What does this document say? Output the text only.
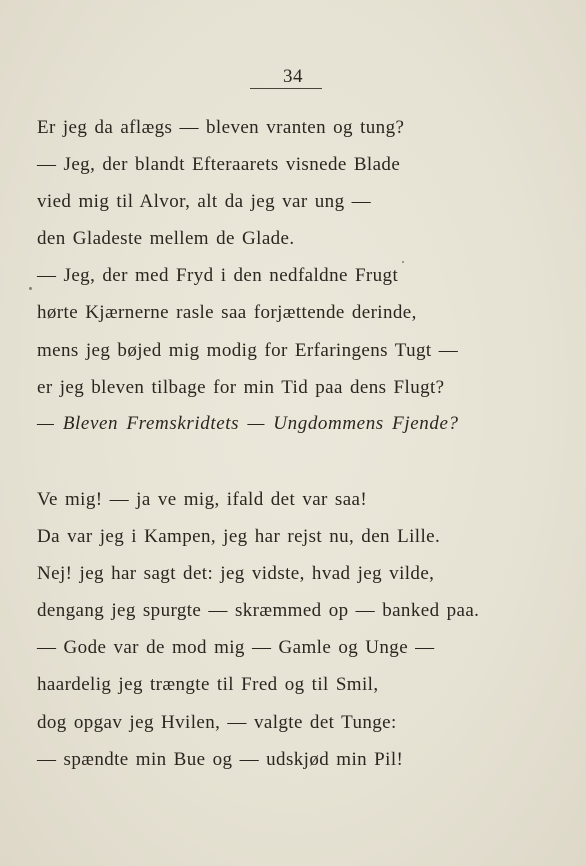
34
Er jeg da aflægs — bleven vranten og tung?
— Jeg, der blandt Efteraarets visnede Blade
vied mig til Alvor, alt da jeg var ung —
den Gladeste mellem de Glade.
— Jeg, der med Fryd i den nedfaldne Frugt
hørte Kjærnerne rasle saa forjættende derinde,
mens jeg bøjed mig modig for Erfaringens Tugt —
er jeg bleven tilbage for min Tid paa dens Flugt?
— Bleven Fremskridtets — Ungdommens Fjende?
Ve mig! — ja ve mig, ifald det var saa!
Da var jeg i Kampen, jeg har rejst nu, den Lille.
Nej! jeg har sagt det: jeg vidste, hvad jeg vilde,
dengang jeg spurgte — skræmmed op — banked paa.
— Gode var de mod mig — Gamle og Unge —
haardelig jeg trængte til Fred og til Smil,
dog opgav jeg Hvilen, — valgte det Tunge:
— spændte min Bue og — udskjød min Pil!
